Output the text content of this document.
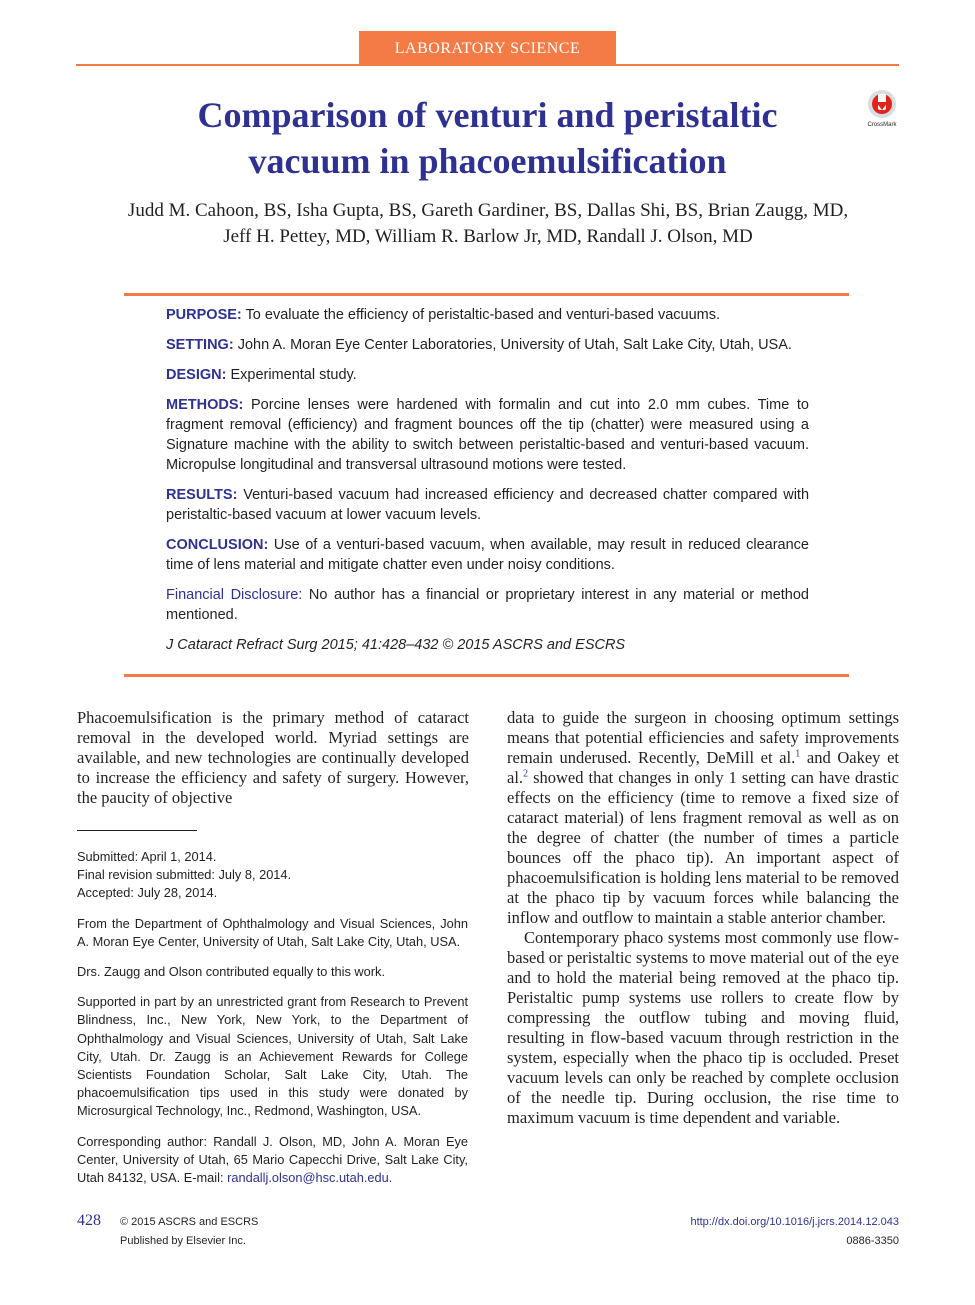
LABORATORY SCIENCE
Comparison of venturi and peristaltic
vacuum in phacoemulsification
CrossMark
Judd M. Cahoon, BS, Isha Gupta, BS, Gareth Gardiner, BS, Dallas Shi, BS, Brian Zaugg, MD,
Jeff H. Pettey, MD, William R. Barlow Jr, MD, Randall J. Olson, MD

PURPOSE: To evaluate the efficiency of peristaltic-based and venturi-based vacuums.

SETTING: John A. Moran Eye Center Laboratories, University of Utah, Salt Lake City, Utah, USA.

DESIGN: Experimental study.

METHODS: Porcine lenses were hardened with formalin and cut into 2.0 mm cubes. Time to fragment removal (efficiency) and fragment bounces off the tip (chatter) were measured using a Signature machine with the ability to switch between peristaltic-based and venturi-based vacuum. Micropulse longitudinal and transversal ultrasound motions were tested.

RESULTS: Venturi-based vacuum had increased efficiency and decreased chatter compared with peristaltic-based vacuum at lower vacuum levels.

CONCLUSION: Use of a venturi-based vacuum, when available, may result in reduced clearance time of lens material and mitigate chatter even under noisy conditions.

Financial Disclosure: No author has a financial or proprietary interest in any material or method mentioned.

J Cataract Refract Surg 2015; 41:428–432 © 2015 ASCRS and ESCRS

Phacoemulsification is the primary method of cataract removal in the developed world. Myriad settings are available, and new technologies are continually developed to increase the efficiency and safety of surgery. However, the paucity of objective

Submitted: April 1, 2014.
Final revision submitted: July 8, 2014.
Accepted: July 28, 2014.

From the Department of Ophthalmology and Visual Sciences, John A. Moran Eye Center, University of Utah, Salt Lake City, Utah, USA.

Drs. Zaugg and Olson contributed equally to this work.

Supported in part by an unrestricted grant from Research to Prevent Blindness, Inc., New York, New York, to the Department of Ophthalmology and Visual Sciences, University of Utah, Salt Lake City, Utah. Dr. Zaugg is an Achievement Rewards for College Scientists Foundation Scholar, Salt Lake City, Utah. The phacoemulsification tips used in this study were donated by Microsurgical Technology, Inc., Redmond, Washington, USA.

Corresponding author: Randall J. Olson, MD, John A. Moran Eye Center, University of Utah, 65 Mario Capecchi Drive, Salt Lake City, Utah 84132, USA. E-mail: randallj.olson@hsc.utah.edu.

data to guide the surgeon in choosing optimum settings means that potential efficiencies and safety improvements remain underused. Recently, DeMill et al.$^1$ and Oakey et al.$^2$ showed that changes in only 1 setting can have drastic effects on the efficiency (time to remove a fixed size of cataract material) of lens fragment removal as well as on the degree of chatter (the number of times a particle bounces off the phaco tip). An important aspect of phacoemulsification is holding lens material to be removed at the phaco tip by vacuum forces while balancing the inflow and outflow to maintain a stable anterior chamber.

Contemporary phaco systems most commonly use flow-based or peristaltic systems to move material out of the eye and to hold the material being removed at the phaco tip. Peristaltic pump systems use rollers to create flow by compressing the outflow tubing and moving fluid, resulting in flow-based vacuum through restriction in the system, especially when the phaco tip is occluded. Preset vacuum levels can only be reached by complete occlusion of the needle tip. During occlusion, the rise time to maximum vacuum is time dependent and variable.

428 © 2015 ASCRS and ESCRS
Published by Elsevier Inc.
http://dx.doi.org/10.1016/j.jcrs.2014.12.043
0886-3350
